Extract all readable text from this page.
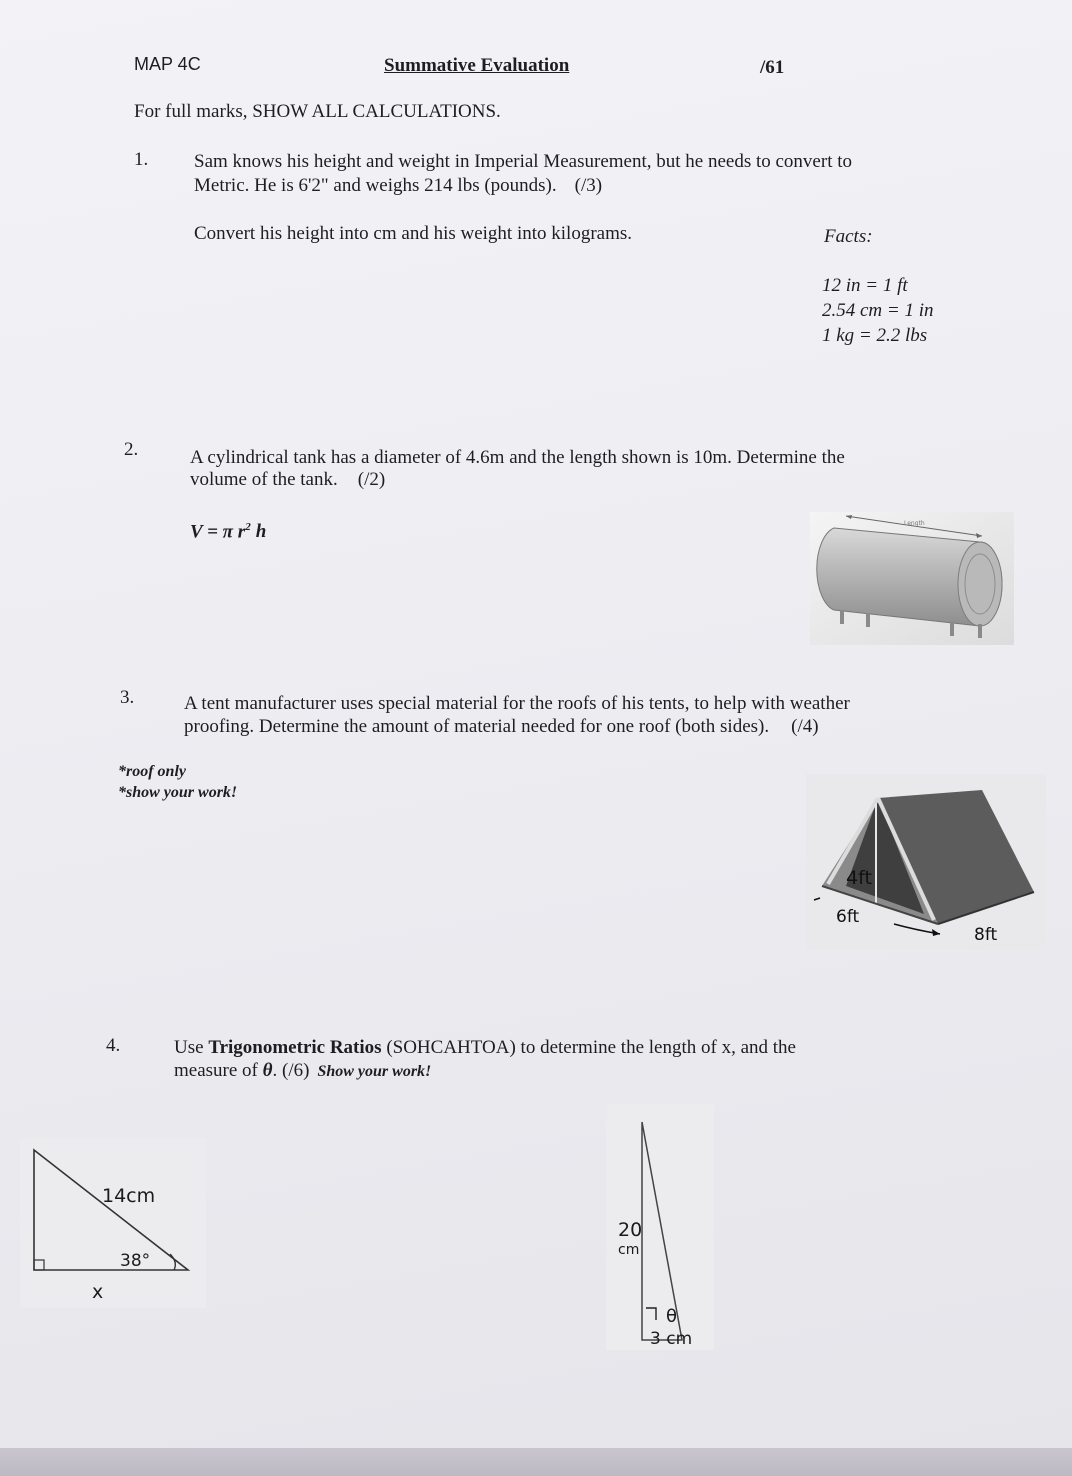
MAP 4C	Summative Evaluation	/61
For full marks, SHOW ALL CALCULATIONS.
1. Sam knows his height and weight in Imperial Measurement, but he needs to convert to
Metric. He is 6'2" and weighs 214 lbs (pounds). (/3)
Convert his height into cm and his weight into kilograms.	Facts:
12 in = 1 ft
2.54 cm = 1 in
1 kg = 2.2 lbs
2.	A cylindrical tank has a diameter of 4.6m and the length shown is 10m. Determine the
volume of the tank. (/2)
V = π $r^2$ h	Length
3.	A tent manufacturer uses special material for the roofs of his tents, to help with weather
proofing. Determine the amount of material needed for one roof (both sides). (/4)
*roof only
*show your work!
4ft
6ft
8ft
4.	Use Trigonometric Ratios (SOHCAHTOA) to determine the length of x, and the
measure of θ. (/6) Show your work!
14cm
38°
x
20
cm
θ
3 cm
